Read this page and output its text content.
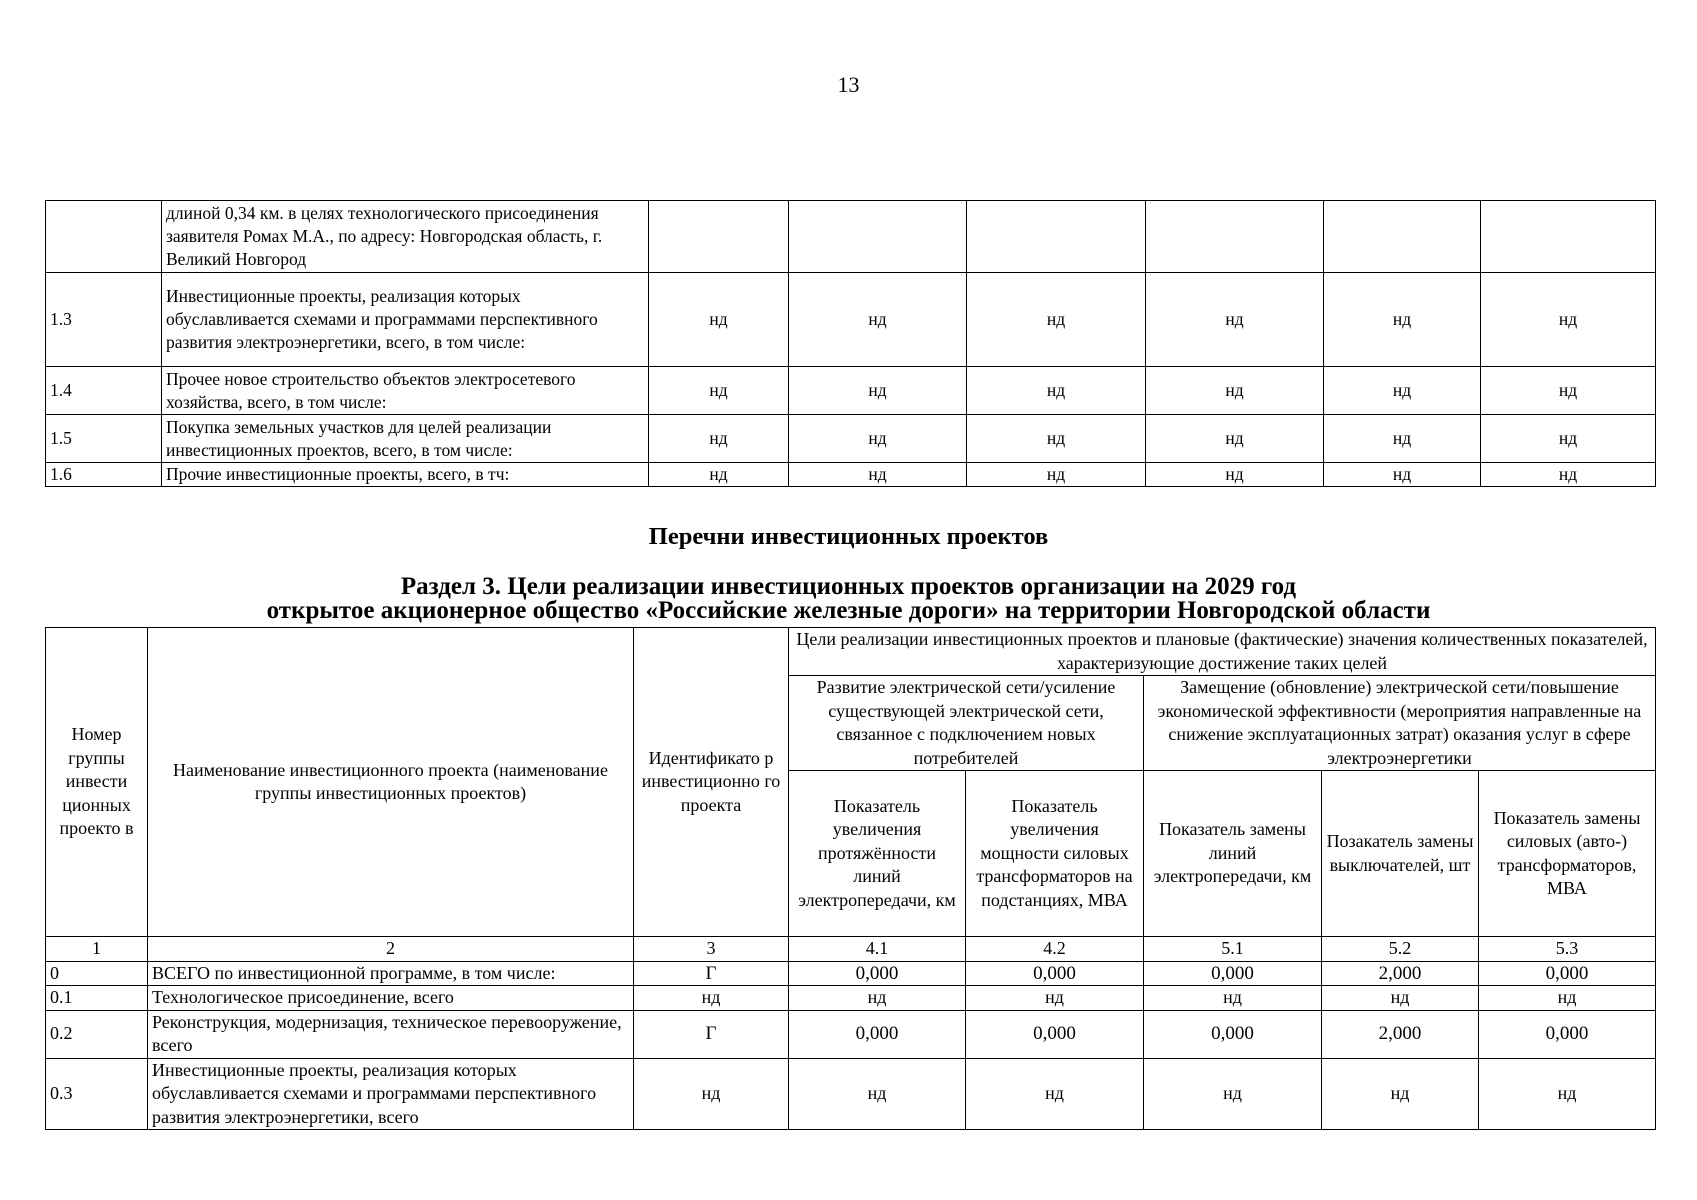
13
	длиной 0,34 км. в целях технологического присоединения заявителя Ромах М.А., по адресу: Новгородская область, г. Великий Новгород						
1.3	Инвестиционные проекты, реализация которых обуславливается схемами и программами перспективного развития электроэнергетики, всего, в том числе:	нд	нд	нд	нд	нд	нд
1.4	Прочее новое строительство объектов электросетевого хозяйства, всего, в том числе:	нд	нд	нд	нд	нд	нд
1.5	Покупка земельных участков для целей реализации инвестиционных проектов, всего, в том числе:	нд	нд	нд	нд	нд	нд
1.6	Прочие инвестиционные проекты, всего, в тч:	нд	нд	нд	нд	нд	нд
Перечни инвестиционных проектов
Раздел 3. Цели реализации инвестиционных проектов организации на 2029 год
открытое акционерное общество «Российские железные дороги» на территории Новгородской области
Номер группы инвести ционных проекто в	Наименование инвестиционного проекта (наименование группы инвестиционных проектов)	Идентификато р инвестиционно го проекта	Цели реализации инвестиционных проектов и плановые (фактические) значения количественных показателей, характеризующие достижение таких целей				
			Развитие электрической сети/усиление существующей электрической сети, связанное с подключением новых потребителей		Замещение (обновление) электрической сети/повышение экономической эффективности (мероприятия направленные на снижение эксплуатационных затрат) оказания услуг в сфере электроэнергетики		
			Показатель увеличения протяжённости линий электропередачи, км	Показатель увеличения мощности силовых трансформаторов на подстанциях, МВА	Показатель замены линий электропередачи, км	Позакатель замены выключателей, шт	Показатель замены силовых (авто-) трансформаторов, МВА
1	2	3	4.1	4.2	5.1	5.2	5.3
0	ВСЕГО по инвестиционной программе, в том числе:	Г	0,000	0,000	0,000	2,000	0,000
0.1	Технологическое присоединение, всего	нд	нд	нд	нд	нд	нд
0.2	Реконструкция, модернизация, техническое перевооружение, всего	Г	0,000	0,000	0,000	2,000	0,000
0.3	Инвестиционные проекты, реализация которых обуславливается схемами и программами перспективного развития электроэнергетики, всего	нд	нд	нд	нд	нд	нд
